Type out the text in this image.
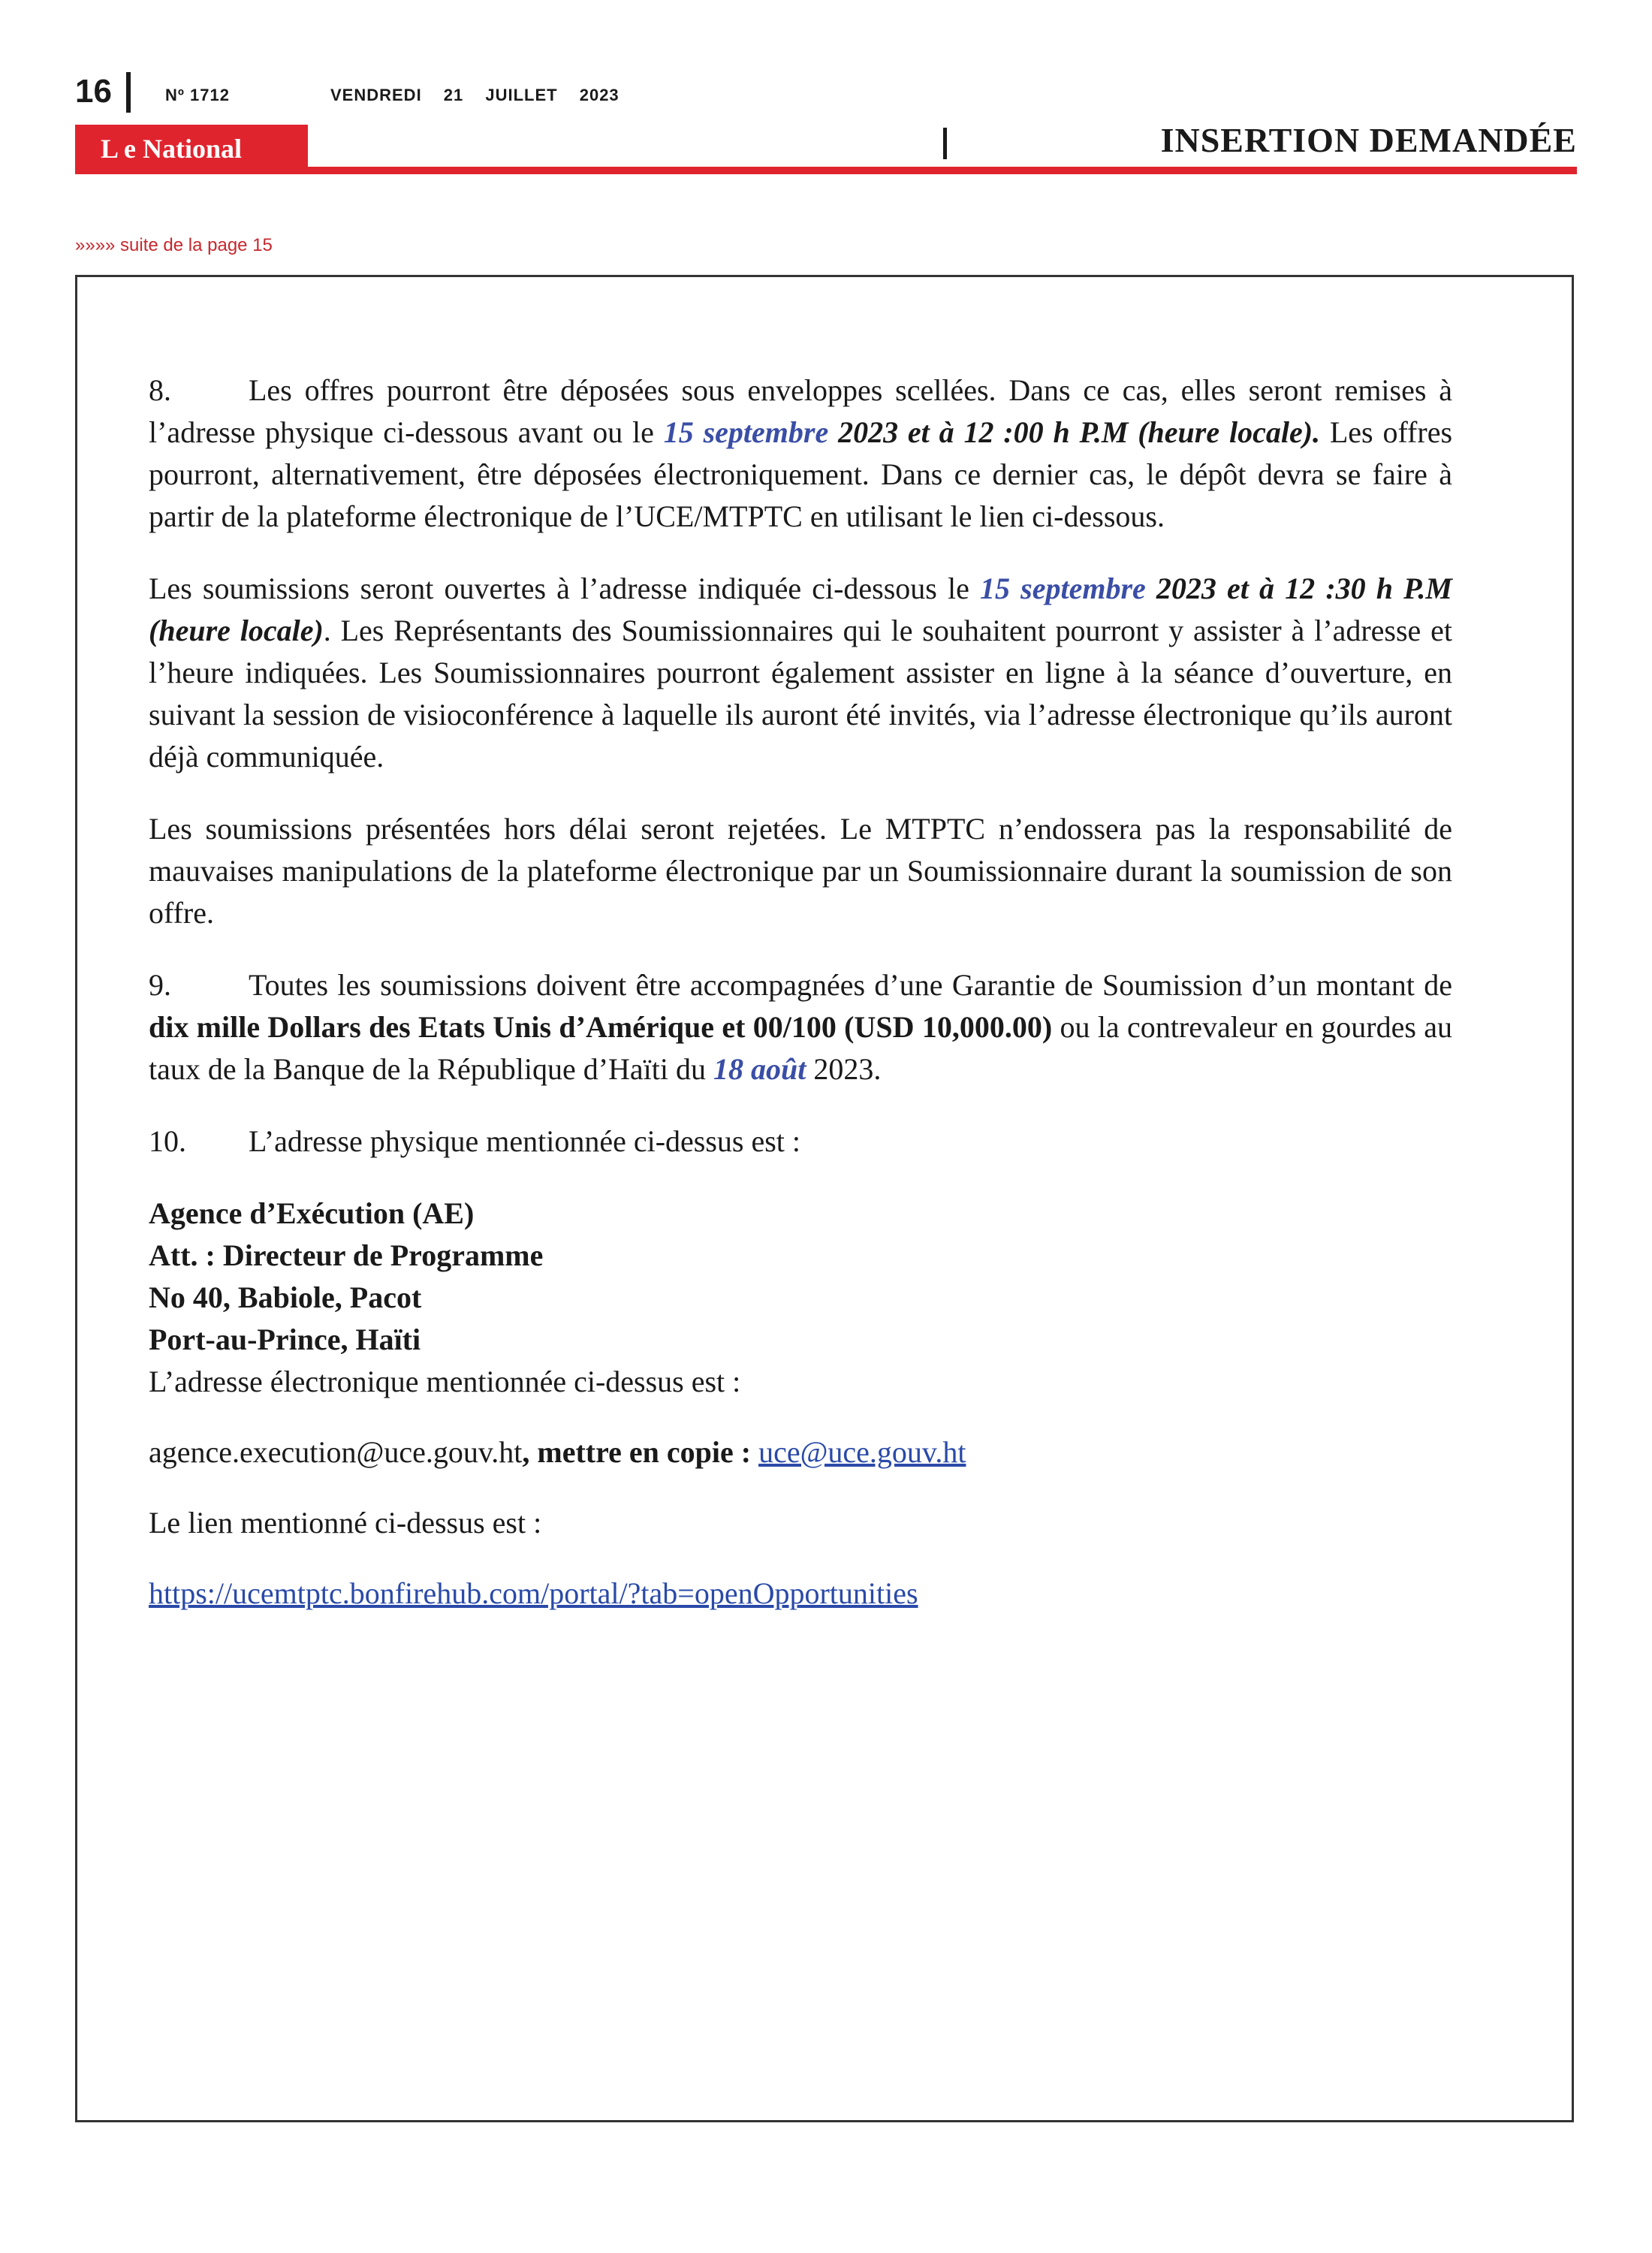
16	Nº 1712	VENDREDI 21 JUILLET 2023
L e National	INSERTION DEMANDÉE
»»»» suite de la page 15

8.	Les offres pourront être déposées sous enveloppes scellées. Dans ce cas, elles seront remises à l’adresse physique ci-dessous avant ou le 15 septembre 2023 et à 12 :00 h P.M (heure locale). Les offres pourront, alternativement, être déposées électroniquement. Dans ce dernier cas, le dépôt devra se faire à partir de la plateforme électronique de l’UCE/MTPTC en utilisant le lien ci-dessous.

Les soumissions seront ouvertes à l’adresse indiquée ci-dessous le 15 septembre 2023 et à 12 :30 h P.M (heure locale). Les Représentants des Soumissionnaires qui le souhaitent pourront y assister à l’adresse et l’heure indiquées. Les Soumissionnaires pourront également assister en ligne à la séance d’ouverture, en suivant la session de visioconférence à laquelle ils auront été invités, via l’adresse électronique qu’ils auront déjà communiquée.

Les soumissions présentées hors délai seront rejetées. Le MTPTC n’endossera pas la responsabilité de mauvaises manipulations de la plateforme électronique par un Soumissionnaire durant la soumission de son offre.

9.	Toutes les soumissions doivent être accompagnées d’une Garantie de Soumission d’un montant de dix mille Dollars des Etats Unis d’Amérique et 00/100 (USD 10,000.00) ou la contrevaleur en gourdes au taux de la Banque de la République d’Haïti du 18 août 2023.

10. L’adresse physique mentionnée ci-dessus est :

Agence d’Exécution (AE)

Att. : Directeur de Programme

No 40, Babiole, Pacot

Port-au-Prince, Haïti

L’adresse électronique mentionnée ci-dessus est :

agence.execution@uce.gouv.ht, mettre en copie : uce@uce.gouv.ht

Le lien mentionné ci-dessus est :

https://ucemtptc.bonfirehub.com/portal/?tab=openOpportunities
